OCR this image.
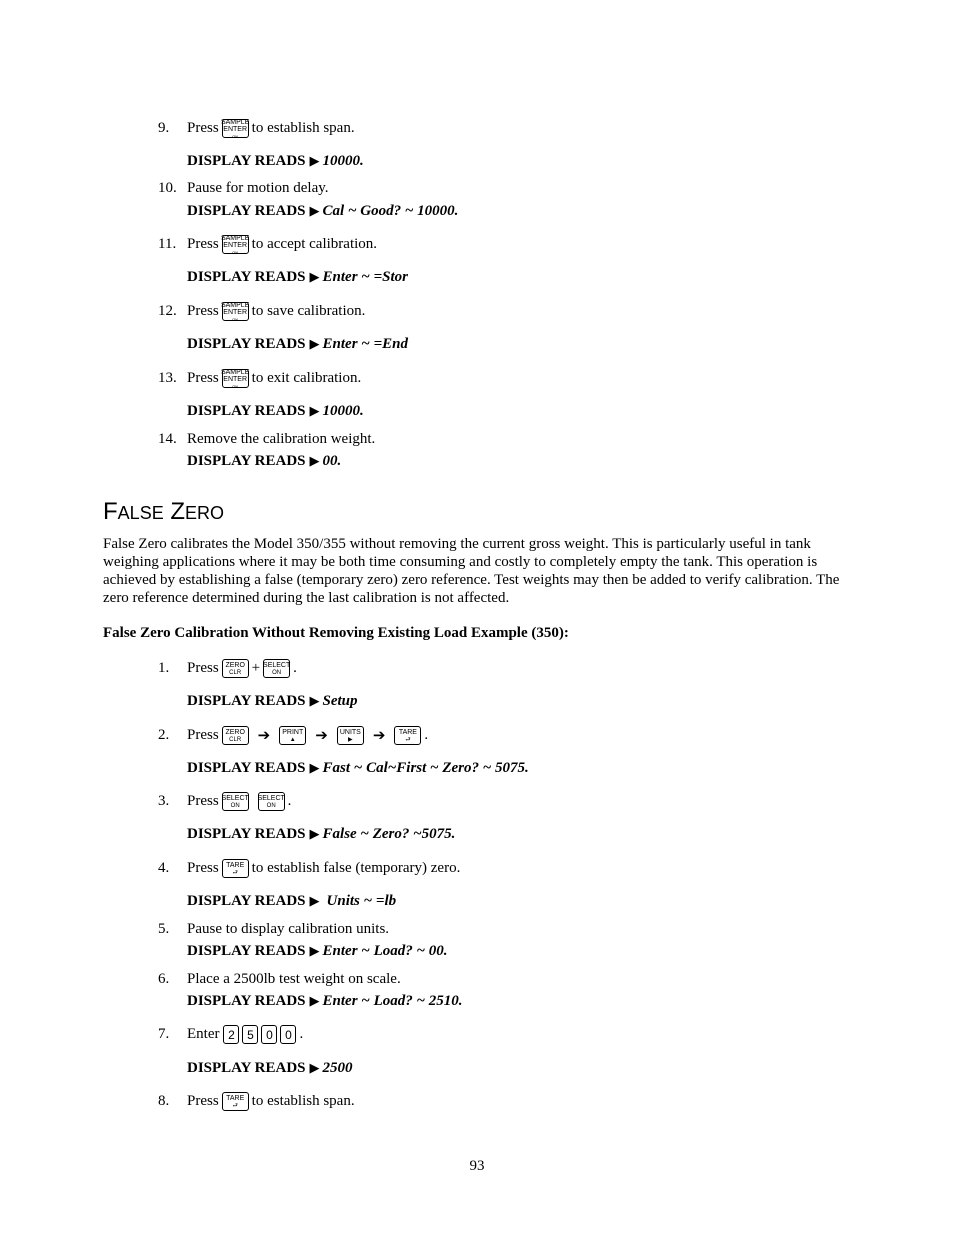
9.	Press SAMPLE
ENTER
ON to establish span.
DISPLAY READS ▶ 10000.
10. Pause for motion delay.
DISPLAY READS ▶ Cal ~ Good? ~ 10000.
11. Press SAMPLE
ENTER
ON to accept calibration.
DISPLAY READS ▶ Enter ~ =Stor
12. Press SAMPLE
ENTER
ON to save calibration.
DISPLAY READS ▶ Enter ~ =End
13. Press SAMPLE
ENTER
ON to exit calibration.
DISPLAY READS ▶ 10000.
14. Remove the calibration weight.
DISPLAY READS ▶ 00.
FALSE ZERO
False Zero calibrates the Model 350/355 without removing the current gross weight. This is particularly useful in tank weighing applications where it may be both time consuming and costly to completely empty the tank. This operation is achieved by establishing a false (temporary zero) zero reference. Test weights may then be added to verify calibration. The zero reference determined during the last calibration is not affected.
False Zero Calibration Without Removing Existing Load Example (350):
1.	Press ZERO
CLR + SELECT
ON .
DISPLAY READS ▶ Setup
2.	Press ZERO
CLR ➔ PRINT
▲ ➔ UNITS
▶ ➔ TARE
⮐ .
DISPLAY READS ▶ Fast ~ Cal~First ~ Zero? ~ 5075.
3.	Press SELECT
ON
SELECT
ON .
DISPLAY READS ▶ False ~ Zero? ~5075.
4.	Press TARE
⮐ to establish false (temporary) zero.
DISPLAY READS ▶ Units ~ =lb
5.	Pause to display calibration units.
DISPLAY READS ▶ Enter ~ Load? ~ 00.
6.	Place a 2500lb test weight on scale.
DISPLAY READS ▶ Enter ~ Load? ~ 2510.
7.	Enter 2	5	0	0 .
DISPLAY READS ▶ 2500
8.	Press TARE
⮐ to establish span.
93
